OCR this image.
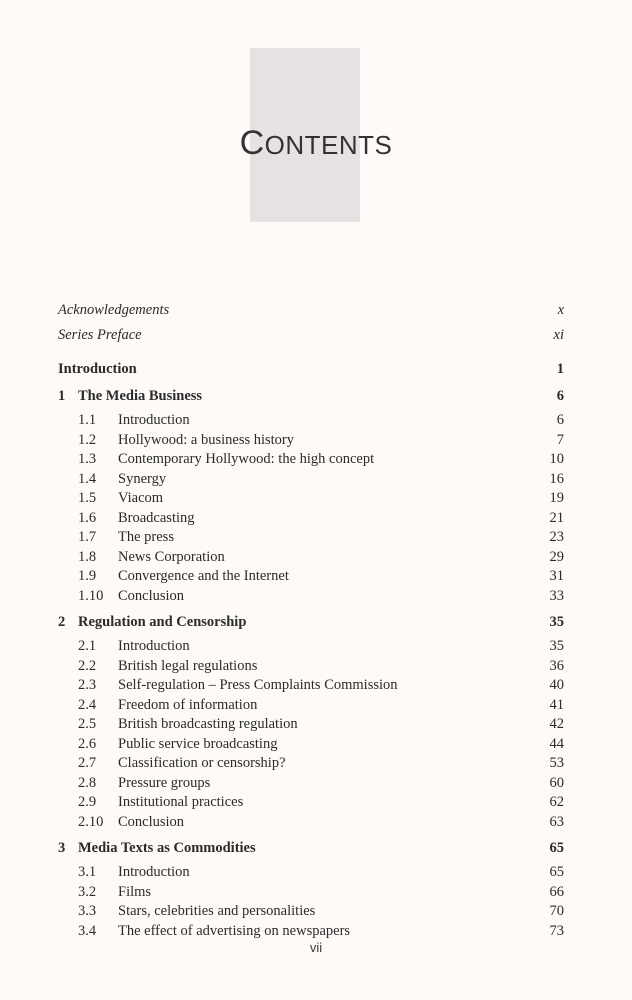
CONTENTS
Acknowledgements	x
Series Preface	xi
Introduction	1
1 The Media Business	6
1.1	Introduction	6
1.2	Hollywood: a business history	7
1.3	Contemporary Hollywood: the high concept	10
1.4	Synergy	16
1.5	Viacom	19
1.6	Broadcasting	21
1.7	The press	23
1.8	News Corporation	29
1.9	Convergence and the Internet	31
1.10	Conclusion	33
2 Regulation and Censorship	35
2.1	Introduction	35
2.2	British legal regulations	36
2.3	Self-regulation – Press Complaints Commission	40
2.4	Freedom of information	41
2.5	British broadcasting regulation	42
2.6	Public service broadcasting	44
2.7	Classification or censorship?	53
2.8	Pressure groups	60
2.9	Institutional practices	62
2.10	Conclusion	63
3 Media Texts as Commodities	65
3.1	Introduction	65
3.2	Films	66
3.3	Stars, celebrities and personalities	70
3.4	The effect of advertising on newspapers	73
vii
